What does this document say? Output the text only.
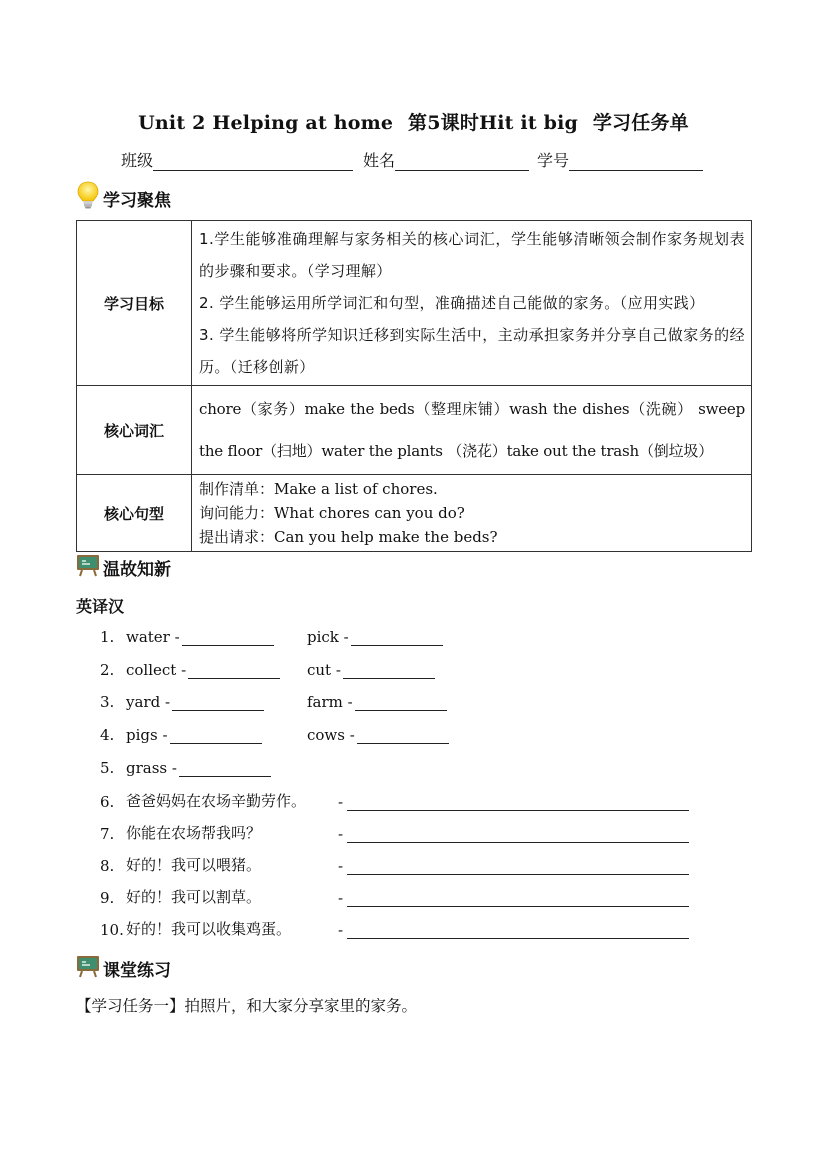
Unit 2 Helping at home 第5课时Hit it big 学习任务单
班级	姓名	学号
学习聚焦
学习目标	1.学生能够准确理解与家务相关的核心词汇，学生能够清晰领会制作家务规划表的步骤和要求。（学习理解）
2. 学生能够运用所学词汇和句型，准确描述自己能做的家务。（应用实践）
3. 学生能够将所学知识迁移到实际生活中，主动承担家务并分享自己做家务的经历。（迁移创新）

核心词汇	chore（家务）make the beds（整理床铺）wash the dishes（洗碗） sweep the floor（扫地）water the plants （浇花）take out the trash（倒垃圾）

核心句型	制作清单：Make a list of chores.
询问能力：What chores can you do?
提出请求：Can you help make the beds?
温故知新
英译汉
1. water -	pick -
2. collect -	cut -
3. yard -	farm -
4. pigs -	cows -
5. grass -
6. 爸爸妈妈在农场辛勤劳作。	-
7. 你能在农场帮我吗？	-
8. 好的！我可以喂猪。	-
9. 好的！我可以割草。	-
10. 好的！我可以收集鸡蛋。	-
课堂练习
【学习任务一】拍照片，和大家分享家里的家务。
